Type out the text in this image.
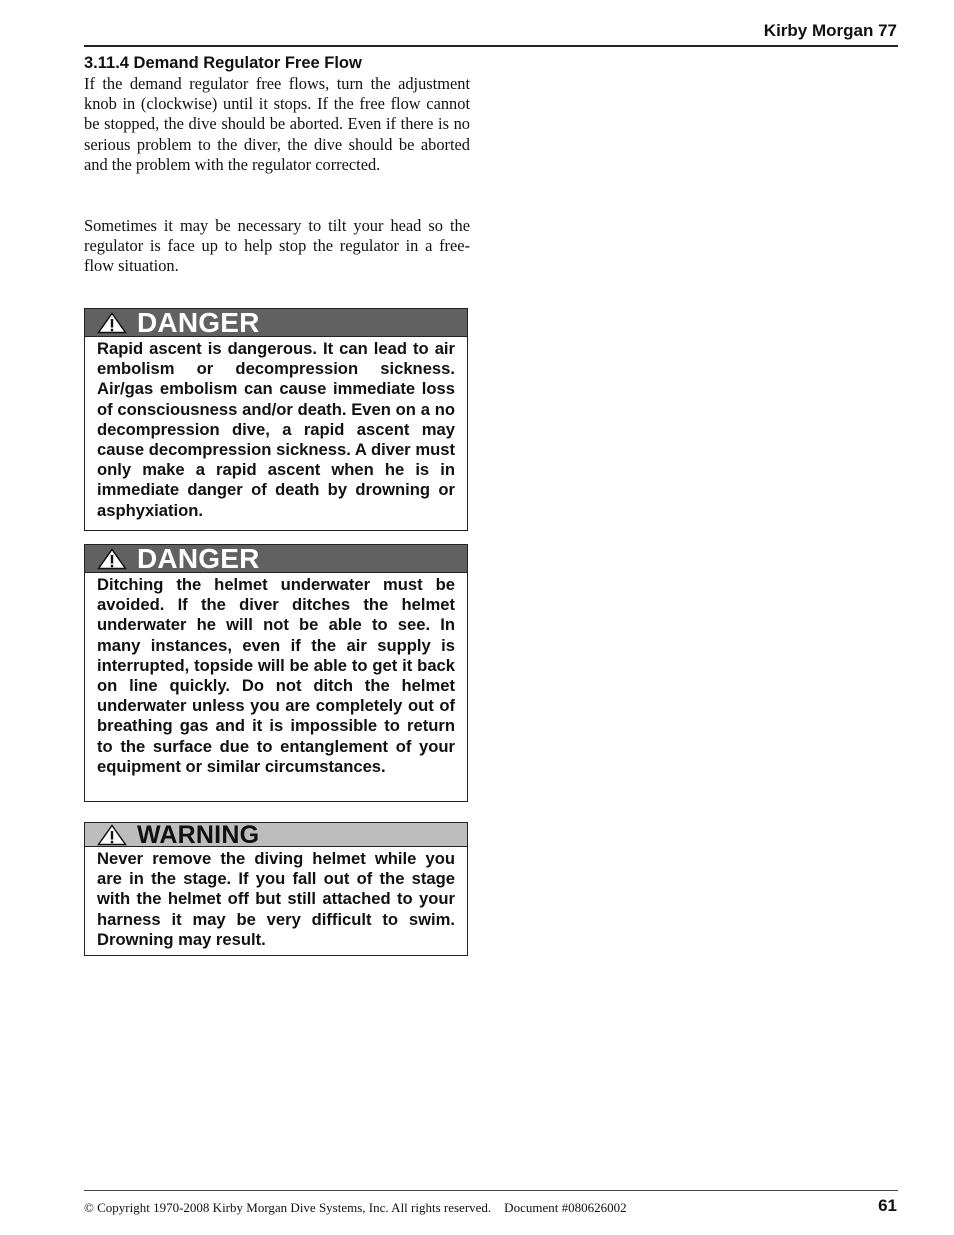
Kirby Morgan 77
3.11.4 Demand Regulator Free Flow

If the demand regulator free flows, turn the adjustment knob in (clockwise) until it stops. If the free flow cannot be stopped, the dive should be aborted. Even if there is no serious problem to the diver, the dive should be aborted and the problem with the regulator corrected.

Sometimes it may be necessary to tilt your head so the regulator is face up to help stop the regulator in a free-flow situation.

DANGER
Rapid ascent is dangerous. It can lead to air embolism or decompression sickness. Air/gas embolism can cause immediate loss of consciousness and/or death. Even on a no decompression dive, a rapid ascent may cause decompression sickness. A diver must only make a rapid ascent when he is in immediate danger of death by drowning or asphyxiation.
DANGER
Ditching the helmet underwater must be avoided. If the diver ditches the helmet underwater he will not be able to see. In many instances, even if the air supply is interrupted, topside will be able to get it back on line quickly. Do not ditch the helmet underwater unless you are completely out of breathing gas and it is impossible to return to the surface due to entanglement of your equipment or similar circumstances.
WARNING
Never remove the diving helmet while you are in the stage. If you fall out of the stage with the helmet off but still attached to your harness it may be very difficult to swim. Drowning may result.
© Copyright 1970-2008 Kirby Morgan Dive Systems, Inc. All rights reserved.    Document #080626002	61
